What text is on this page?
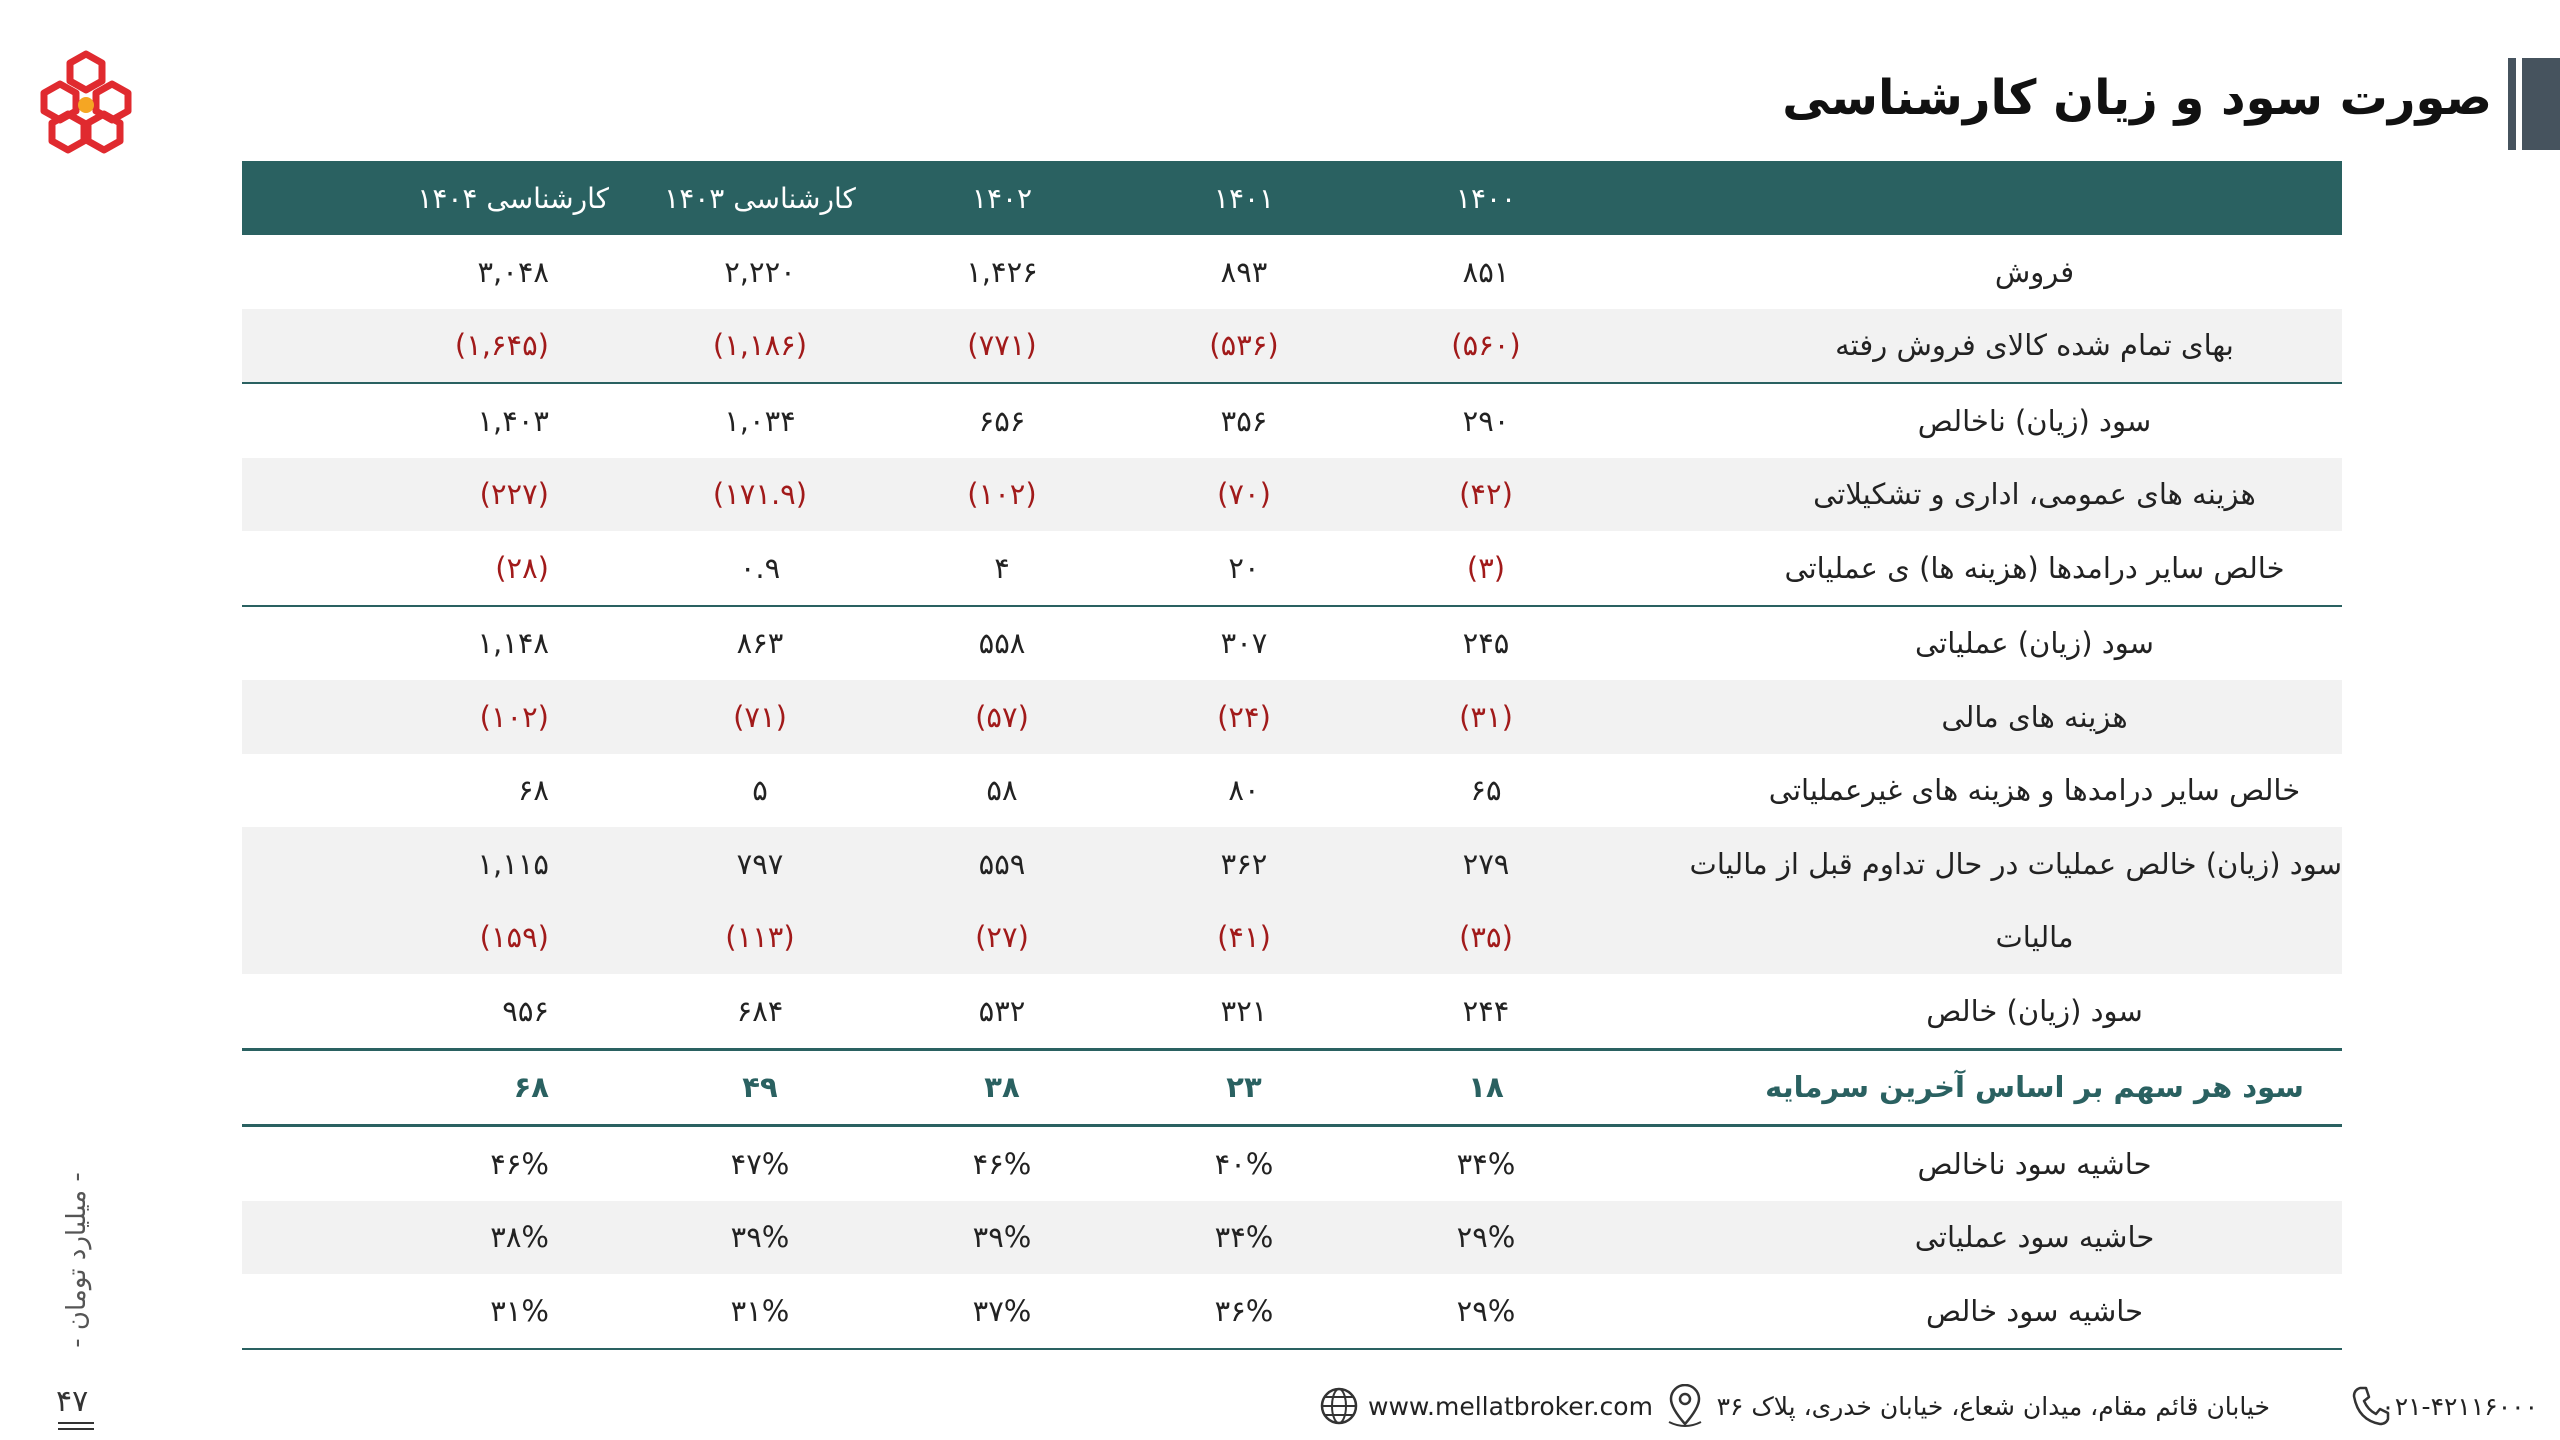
صورت سود و زیان کارشناسی
	۱۴۰۰	۱۴۰۱	۱۴۰۲	کارشناسی ۱۴۰۳	کارشناسی ۱۴۰۴
فروش	۸۵۱	۸۹۳	۱,۴۲۶	۲,۲۲۰	۳,۰۴۸
بهای تمام شده کالای فروش رفته	(۵۶۰)	(۵۳۶)	(۷۷۱)	(۱,۱۸۶)	(۱,۶۴۵)
سود (زیان) ناخالص	۲۹۰	۳۵۶	۶۵۶	۱,۰۳۴	۱,۴۰۳
هزینه های عمومی، اداری و تشکیلاتی	(۴۲)	(۷۰)	(۱۰۲)	(۱۷۱.۹)	(۲۲۷)
خالص سایر درامدها (هزینه ها) ی عملیاتی	(۳)	۲۰	۴	۰.۹	(۲۸)
سود (زیان) عملیاتی	۲۴۵	۳۰۷	۵۵۸	۸۶۳	۱,۱۴۸
هزینه های مالی	(۳۱)	(۲۴)	(۵۷)	(۷۱)	(۱۰۲)
خالص سایر درامدها و هزینه های غیرعملیاتی	۶۵	۸۰	۵۸	۵	۶۸
سود (زیان) خالص عملیات در حال تداوم قبل از مالیات	۲۷۹	۳۶۲	۵۵۹	۷۹۷	۱,۱۱۵
مالیات	(۳۵)	(۴۱)	(۲۷)	(۱۱۳)	(۱۵۹)
سود (زیان) خالص	۲۴۴	۳۲۱	۵۳۲	۶۸۴	۹۵۶
سود هر سهم بر اساس آخرین سرمایه	۱۸	۲۳	۳۸	۴۹	۶۸
حاشیه سود ناخالص	۳۴%	۴۰%	۴۶%	۴۷%	۴۶%
حاشیه سود عملیاتی	۲۹%	۳۴%	۳۹%	۳۹%	۳۸%
حاشیه سود خالص	۲۹%	۳۶%	۳۷%	۳۱%	۳۱%
- میلیارد تومان -
۴۷	۰۲۱-۴۲۱۱۶۰۰۰
خیابان قائم مقام، میدان شعاع، خیابان خدری، پلاک ۳۶
www.mellatbroker.com
